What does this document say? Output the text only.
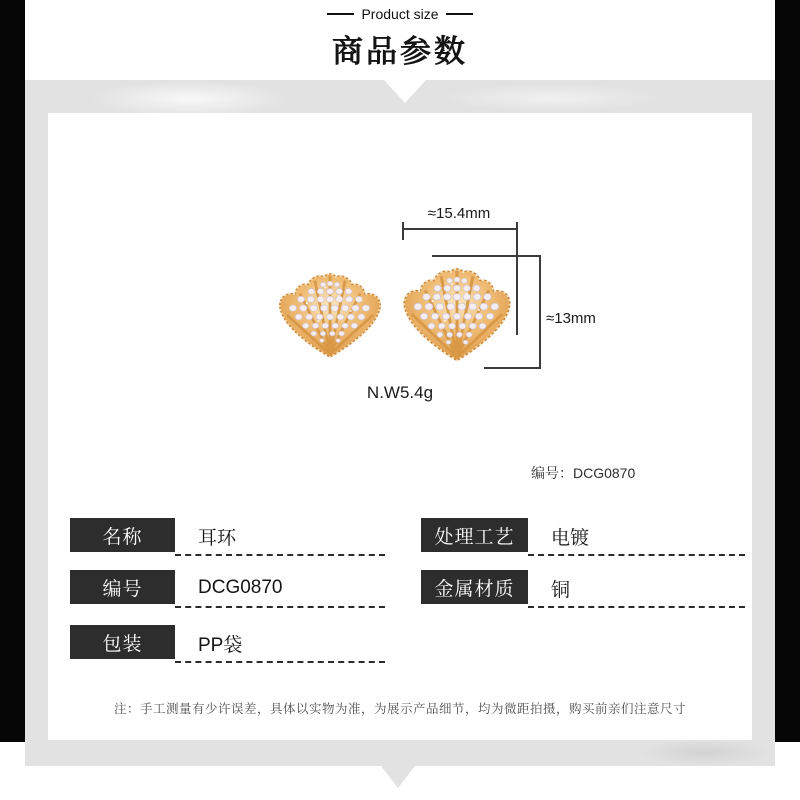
Product size
商品参数
≈15.4mm
≈13mm
N.W5.4g
编号：DCG0870
名称	耳环
编号	DCG0870
包装	PP袋
处理工艺	电镀
金属材质	铜
注：手工测量有少许误差，具体以实物为准，为展示产品细节，均为微距拍摄，购买前亲们注意尺寸
